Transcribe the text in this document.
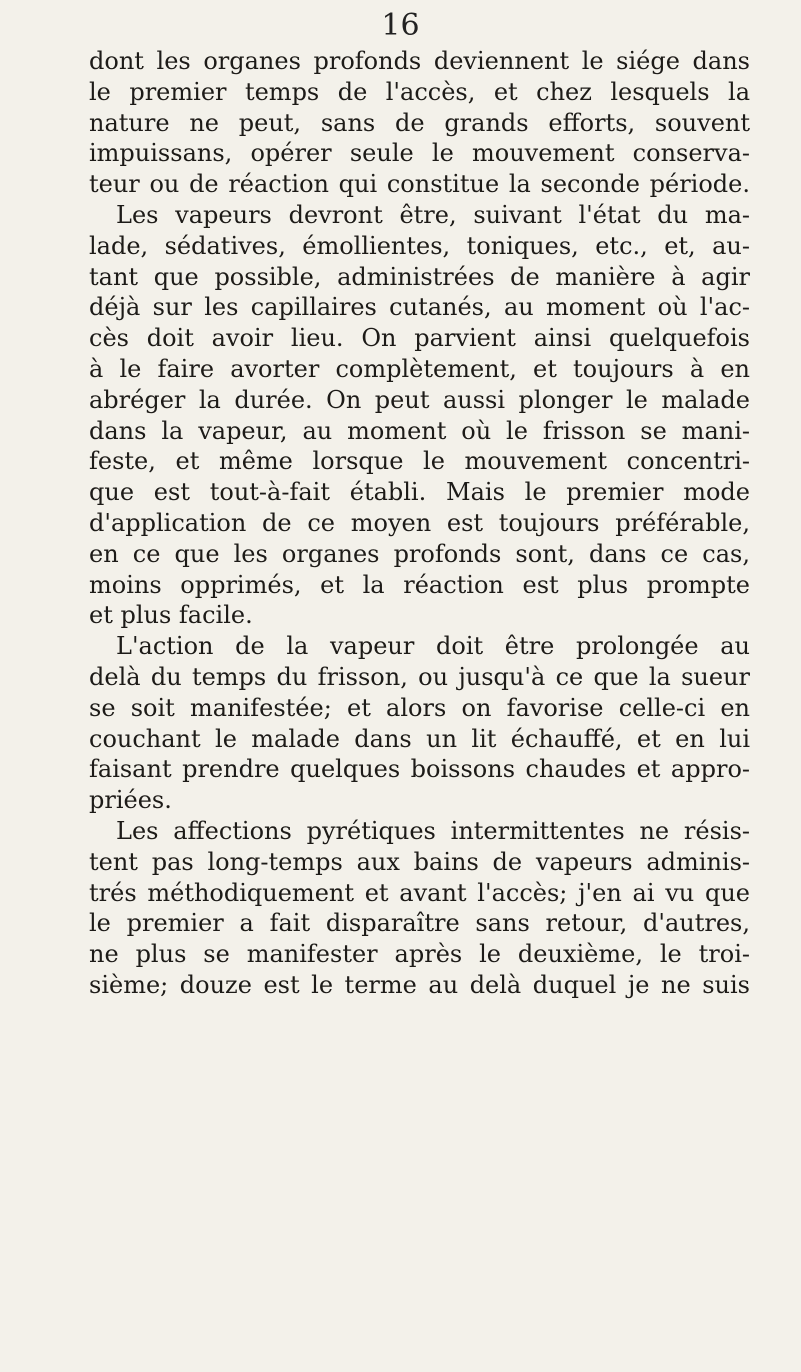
16
dont les organes profonds deviennent le siége dans
le premier temps de l'accès, et chez lesquels la
nature ne peut, sans de grands efforts, souvent
impuissans, opérer seule le mouvement conserva-
teur ou de réaction qui constitue la seconde période.
Les vapeurs devront être, suivant l'état du ma-
lade, sédatives, émollientes, toniques, etc., et, au-
tant que possible, administrées de manière à agir
déjà sur les capillaires cutanés, au moment où l'ac-
cès doit avoir lieu. On parvient ainsi quelquefois
à le faire avorter complètement, et toujours à en
abréger la durée. On peut aussi plonger le malade
dans la vapeur, au moment où le frisson se mani-
feste, et même lorsque le mouvement concentri-
que est tout-à-fait établi. Mais le premier mode
d'application de ce moyen est toujours préférable,
en ce que les organes profonds sont, dans ce cas,
moins opprimés, et la réaction est plus prompte
et plus facile.
L'action de la vapeur doit être prolongée au
delà du temps du frisson, ou jusqu'à ce que la sueur
se soit manifestée; et alors on favorise celle-ci en
couchant le malade dans un lit échauffé, et en lui
faisant prendre quelques boissons chaudes et appro-
priées.
Les affections pyrétiques intermittentes ne résis-
tent pas long-temps aux bains de vapeurs adminis-
trés méthodiquement et avant l'accès; j'en ai vu que
le premier a fait disparaître sans retour, d'autres,
ne plus se manifester après le deuxième, le troi-
sième; douze est le terme au delà duquel je ne suis
